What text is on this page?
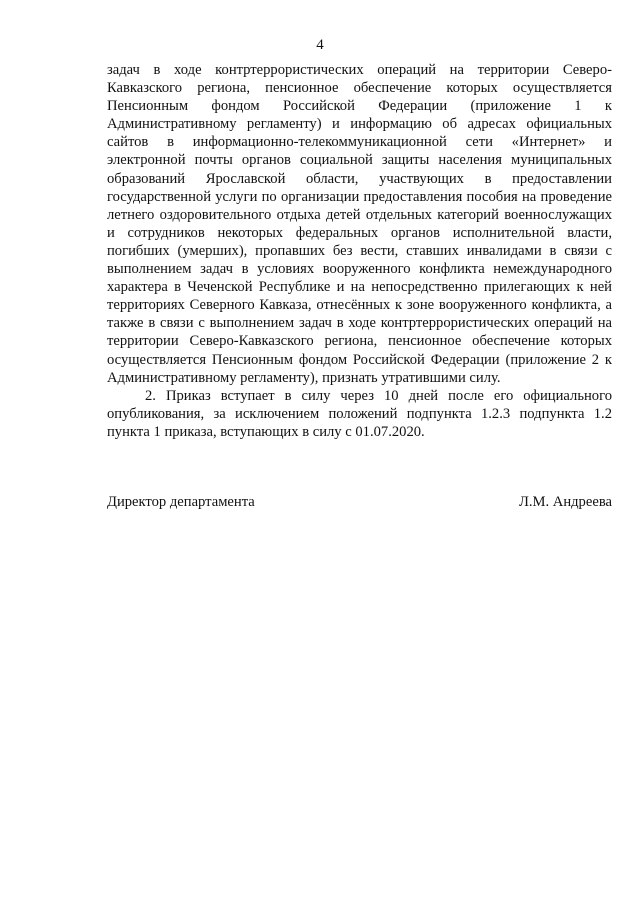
4

задач в ходе контртеррористических операций на территории Северо-Кавказского региона, пенсионное обеспечение которых осуществляется Пенсионным фондом Российской Федерации (приложение 1 к Административному регламенту) и информацию об адресах официальных сайтов в информационно-телекоммуникационной сети «Интернет» и электронной почты органов социальной защиты населения муниципальных образований Ярославской области, участвующих в предоставлении государственной услуги по организации предоставления пособия на проведение летнего оздоровительного отдыха детей отдельных категорий военнослужащих и сотрудников некоторых федеральных органов исполнительной власти, погибших (умерших), пропавших без вести, ставших инвалидами в связи с выполнением задач в условиях вооруженного конфликта немеждународного характера в Чеченской Республике и на непосредственно прилегающих к ней территориях Северного Кавказа, отнесённых к зоне вооруженного конфликта, а также в связи с выполнением задач в ходе контртеррористических операций на территории Северо-Кавказского региона, пенсионное обеспечение которых осуществляется Пенсионным фондом Российской Федерации (приложение 2 к Административному регламенту), признать утратившими силу.

2. Приказ вступает в силу через 10 дней после его официального опубликования, за исключением положений подпункта 1.2.3 подпункта 1.2 пункта 1 приказа, вступающих в силу с 01.07.2020.

Директор департамента	Л.М. Андреева
